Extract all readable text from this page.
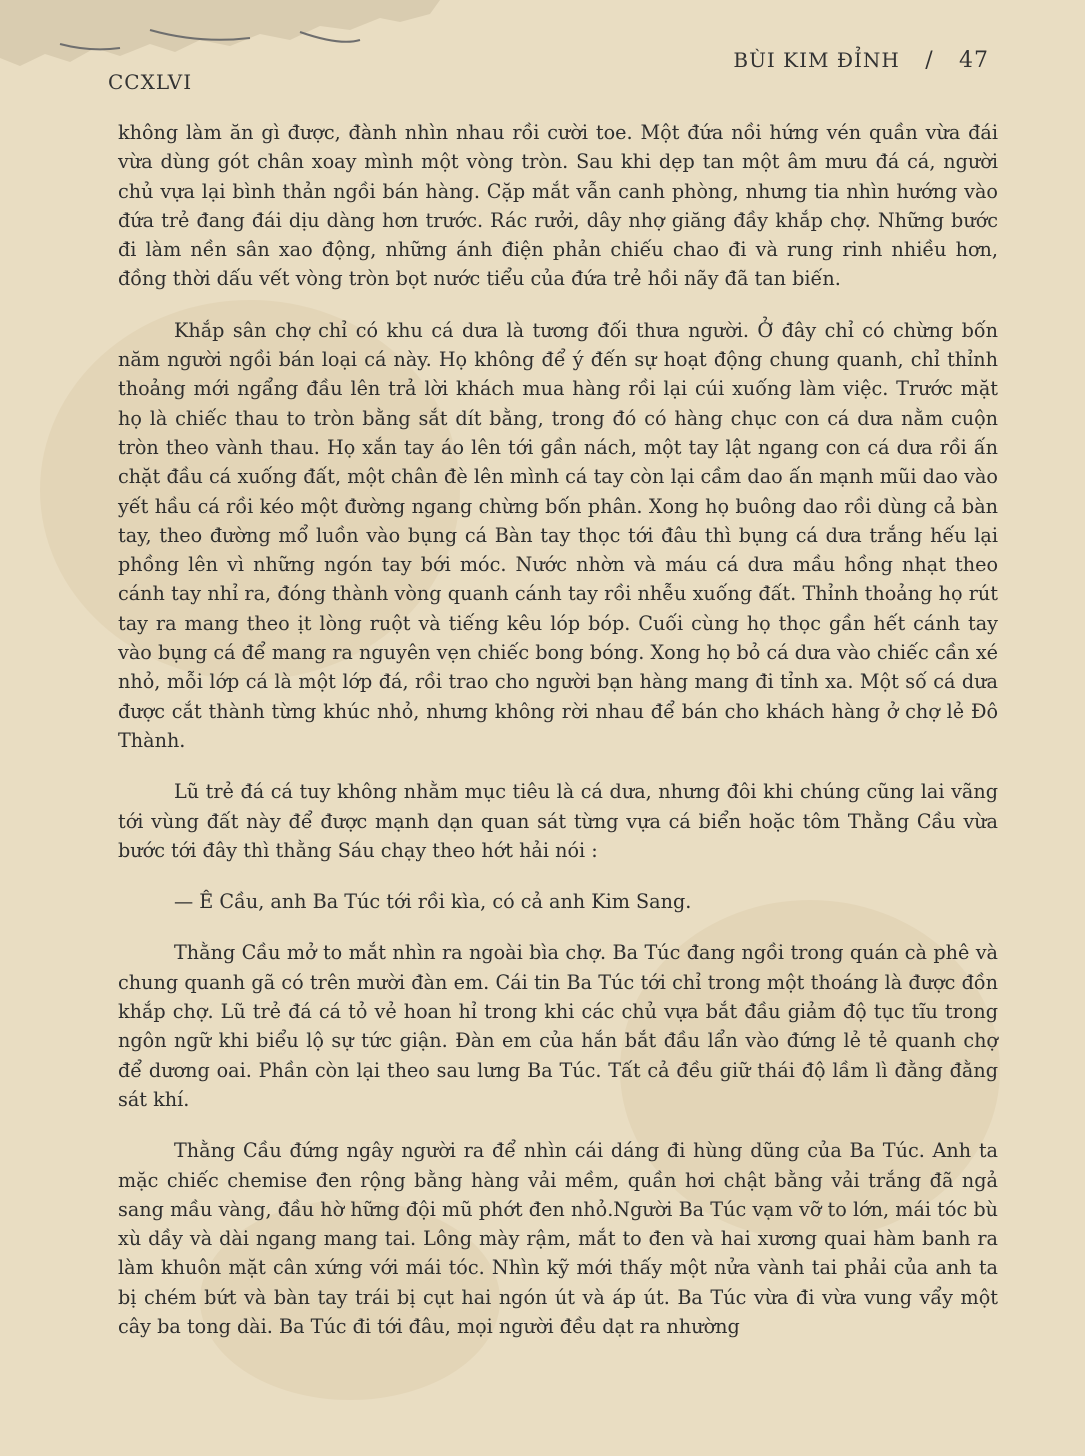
CCXLVI
BÙI KIM ĐỈNH / 47

không làm ăn gì được, đành nhìn nhau rồi cười toe. Một đứa nồi hứng vén quần vừa đái vừa dùng gót chân xoay mình một vòng tròn. Sau khi dẹp tan một âm mưu đá cá, người chủ vựa lại bình thản ngồi bán hàng. Cặp mắt vẫn canh phòng, nhưng tia nhìn hướng vào đứa trẻ đang đái dịu dàng hơn trước. Rác rưởi, dây nhợ giăng đầy khắp chợ. Những bước đi làm nền sân xao động, những ánh điện phản chiếu chao đi và rung rinh nhiều hơn, đồng thời dấu vết vòng tròn bọt nước tiểu của đứa trẻ hồi nãy đã tan biến.

Khắp sân chợ chỉ có khu cá dưa là tương đối thưa người. Ở đây chỉ có chừng bốn năm người ngồi bán loại cá này. Họ không để ý đến sự hoạt động chung quanh, chỉ thỉnh thoảng mới ngẩng đầu lên trả lời khách mua hàng rồi lại cúi xuống làm việc. Trước mặt họ là chiếc thau to tròn bằng sắt dít bằng, trong đó có hàng chục con cá dưa nằm cuộn tròn theo vành thau. Họ xắn tay áo lên tới gần nách, một tay lật ngang con cá dưa rồi ấn chặt đầu cá xuống đất, một chân đè lên mình cá tay còn lại cầm dao ấn mạnh mũi dao vào yết hầu cá rồi kéo một đường ngang chừng bốn phân. Xong họ buông dao rồi dùng cả bàn tay, theo đường mổ luồn vào bụng cá Bàn tay thọc tới đâu thì bụng cá dưa trắng hếu lại phồng lên vì những ngón tay bới móc. Nước nhờn và máu cá dưa mầu hồng nhạt theo cánh tay nhỉ ra, đóng thành vòng quanh cánh tay rồi nhễu xuống đất. Thỉnh thoảng họ rút tay ra mang theo ịt lòng ruột và tiếng kêu lóp bóp. Cuối cùng họ thọc gần hết cánh tay vào bụng cá để mang ra nguyên vẹn chiếc bong bóng. Xong họ bỏ cá dưa vào chiếc cần xé nhỏ, mỗi lớp cá là một lớp đá, rồi trao cho người bạn hàng mang đi tỉnh xa. Một số cá dưa được cắt thành từng khúc nhỏ, nhưng không rời nhau để bán cho khách hàng ở chợ lẻ Đô Thành.

Lũ trẻ đá cá tuy không nhằm mục tiêu là cá dưa, nhưng đôi khi chúng cũng lai vãng tới vùng đất này để được mạnh dạn quan sát từng vựa cá biển hoặc tôm Thằng Cầu vừa bước tới đây thì thằng Sáu chạy theo hớt hải nói :

— Ê Cầu, anh Ba Túc tới rồi kìa, có cả anh Kim Sang.

Thằng Cầu mở to mắt nhìn ra ngoài bìa chợ. Ba Túc đang ngồi trong quán cà phê và chung quanh gã có trên mười đàn em. Cái tin Ba Túc tới chỉ trong một thoáng là được đồn khắp chợ. Lũ trẻ đá cá tỏ vẻ hoan hỉ trong khi các chủ vựa bắt đầu giảm độ tục tĩu trong ngôn ngữ khi biểu lộ sự tức giận. Đàn em của hắn bắt đầu lẩn vào đứng lẻ tẻ quanh chợ để dương oai. Phần còn lại theo sau lưng Ba Túc. Tất cả đều giữ thái độ lầm lì đằng đằng sát khí.

Thằng Cầu đứng ngây người ra để nhìn cái dáng đi hùng dũng của Ba Túc. Anh ta mặc chiếc chemise đen rộng bằng hàng vải mềm, quần hơi chật bằng vải trắng đã ngả sang mầu vàng, đầu hờ hững đội mũ phớt đen nhỏ.Người Ba Túc vạm vỡ to lớn, mái tóc bù xù dầy và dài ngang mang tai. Lông mày rậm, mắt to đen và hai xương quai hàm banh ra làm khuôn mặt cân xứng với mái tóc. Nhìn kỹ mới thấy một nửa vành tai phải của anh ta bị chém bứt và bàn tay trái bị cụt hai ngón út và áp út. Ba Túc vừa đi vừa vung vẩy một cây ba tong dài. Ba Túc đi tới đâu, mọi người đều dạt ra nhường
